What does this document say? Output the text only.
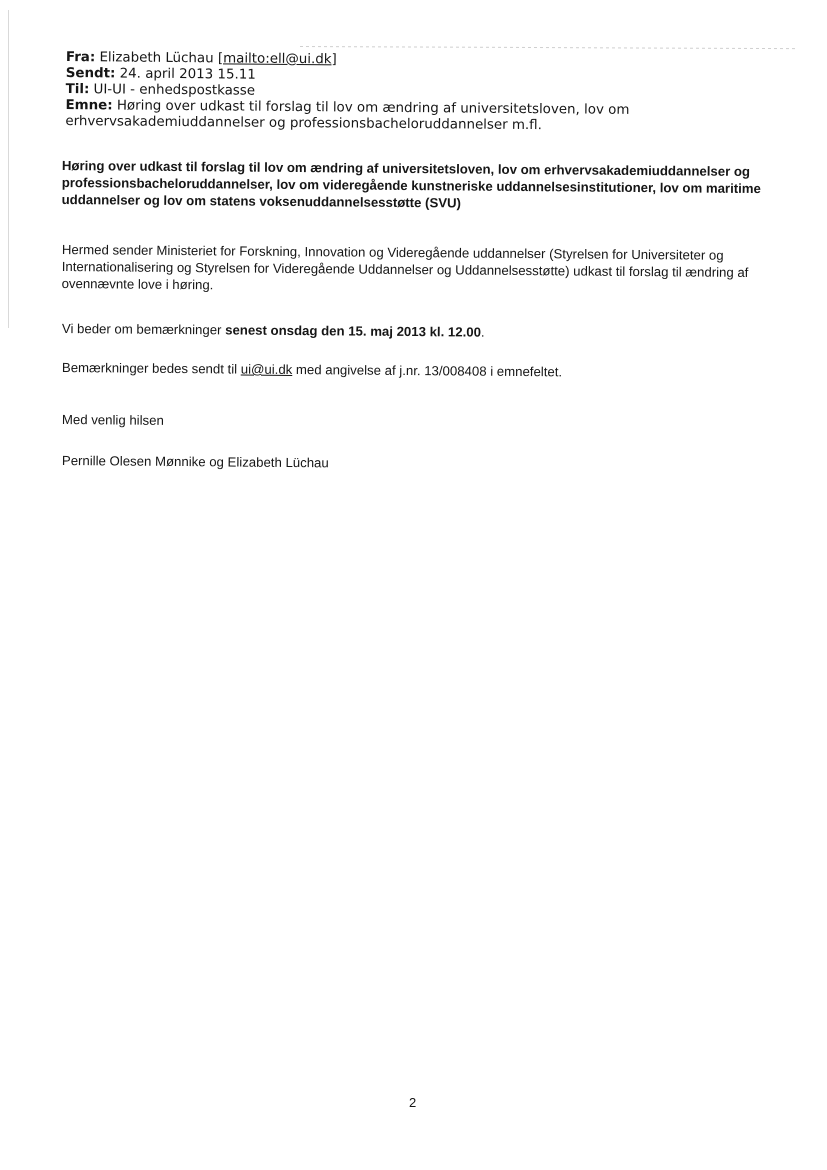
Fra: Elizabeth Lüchau [mailto:ell@ui.dk]

Sendt: 24. april 2013 15.11

Til: UI-UI - enhedspostkasse

Emne: Høring over udkast til forslag til lov om ændring af universitetsloven, lov om erhvervsakademiuddannelser og professionsbacheloruddannelser m.fl.

Høring over udkast til forslag til lov om ændring af universitetsloven, lov om erhvervsakademiuddannelser og professionsbacheloruddannelser, lov om videregående kunstneriske uddannelsesinstitutioner, lov om maritime uddannelser og lov om statens voksenuddannelsesstøtte (SVU)

Hermed sender Ministeriet for Forskning, Innovation og Videregående uddannelser (Styrelsen for Universiteter og Internationalisering og Styrelsen for Videregående Uddannelser og Uddannelsesstøtte) udkast til forslag til ændring af ovennævnte love i høring.

Vi beder om bemærkninger senest onsdag den 15. maj 2013 kl. 12.00.

Bemærkninger bedes sendt til ui@ui.dk med angivelse af j.nr. 13/008408 i emnefeltet.

Med venlig hilsen

Pernille Olesen Mønnike og Elizabeth Lüchau

2
